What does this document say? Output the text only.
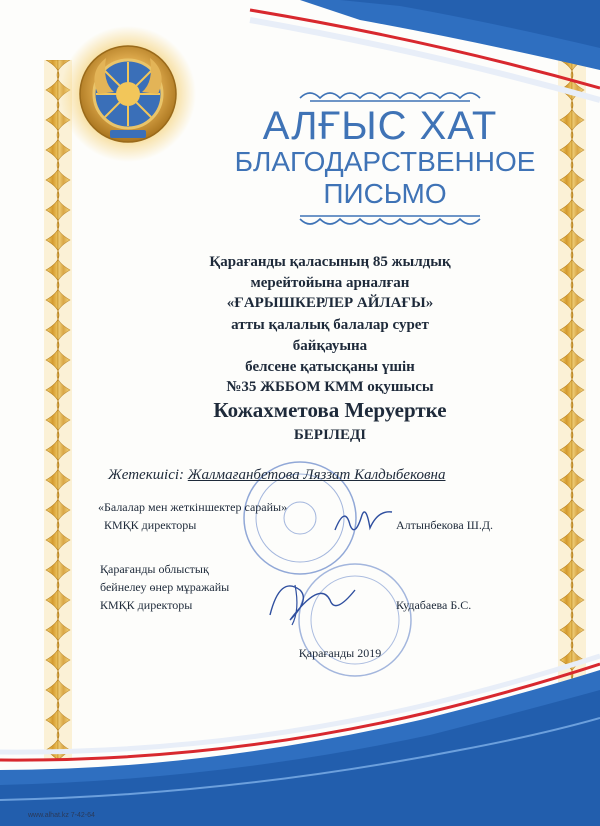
АЛҒЫС ХАТ
БЛАГОДАРСТВЕННОЕ
ПИСЬМО
Қарағанды қаласының 85 жылдық
мерейтойына арналған
«ҒАРЫШКЕРЛЕР АЙЛАҒЫ»
атты қалалық балалар сурет
байқауына
белсене қатысқаны үшін
№35 ЖББОМ КММ оқушысы
Кожахметова Меруертке
БЕРІЛЕДІ
Жетекшісі: Жалмағанбетова Ляззат Калдыбековна
«Балалар мен жеткіншектер сарайы»
КМҚК директоры	Алтынбекова Ш.Д.
Қарағанды облыстық
бейнелеу өнер мұражайы
КМҚК директоры	Кудабаева Б.С.
Қарағанды 2019
www.alhat.kz 7-42-64
